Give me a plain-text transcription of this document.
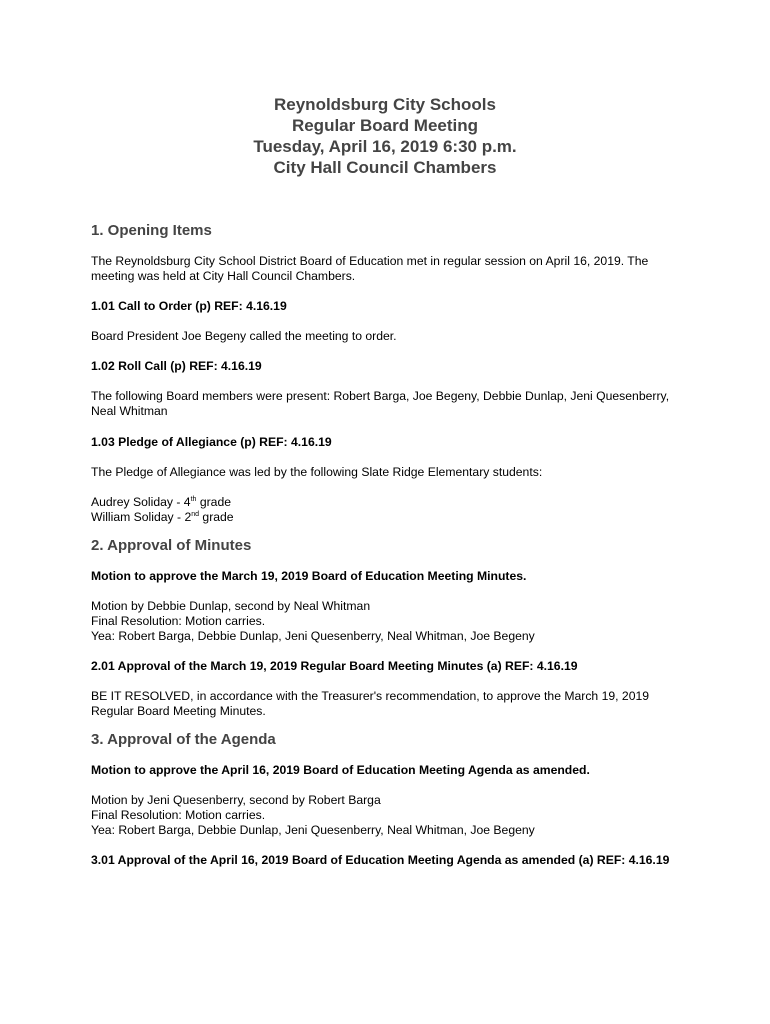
Reynoldsburg City Schools
Regular Board Meeting
Tuesday, April 16, 2019 6:30 p.m.
City Hall Council Chambers
1. Opening Items

The Reynoldsburg City School District Board of Education met in regular session on April 16, 2019. The meeting was held at City Hall Council Chambers.

1.01 Call to Order (p) REF: 4.16.19

Board President Joe Begeny called the meeting to order.

1.02 Roll Call (p) REF: 4.16.19

The following Board members were present: Robert Barga, Joe Begeny, Debbie Dunlap, Jeni Quesenberry, Neal Whitman

1.03 Pledge of Allegiance (p) REF: 4.16.19

The Pledge of Allegiance was led by the following Slate Ridge Elementary students:

Audrey Soliday - 4th grade

William Soliday - 2nd grade

2. Approval of Minutes
Motion to approve the March 19, 2019 Board of Education Meeting Minutes.

Motion by Debbie Dunlap, second by Neal Whitman

Final Resolution: Motion carries.

Yea: Robert Barga, Debbie Dunlap, Jeni Quesenberry, Neal Whitman, Joe Begeny

2.01 Approval of the March 19, 2019 Regular Board Meeting Minutes (a) REF: 4.16.19

BE IT RESOLVED, in accordance with the Treasurer's recommendation, to approve the March 19, 2019 Regular Board Meeting Minutes.

3. Approval of the Agenda
Motion to approve the April 16, 2019 Board of Education Meeting Agenda as amended.

Motion by Jeni Quesenberry, second by Robert Barga

Final Resolution: Motion carries.

Yea: Robert Barga, Debbie Dunlap, Jeni Quesenberry, Neal Whitman, Joe Begeny

3.01 Approval of the April 16, 2019 Board of Education Meeting Agenda as amended (a) REF: 4.16.19
